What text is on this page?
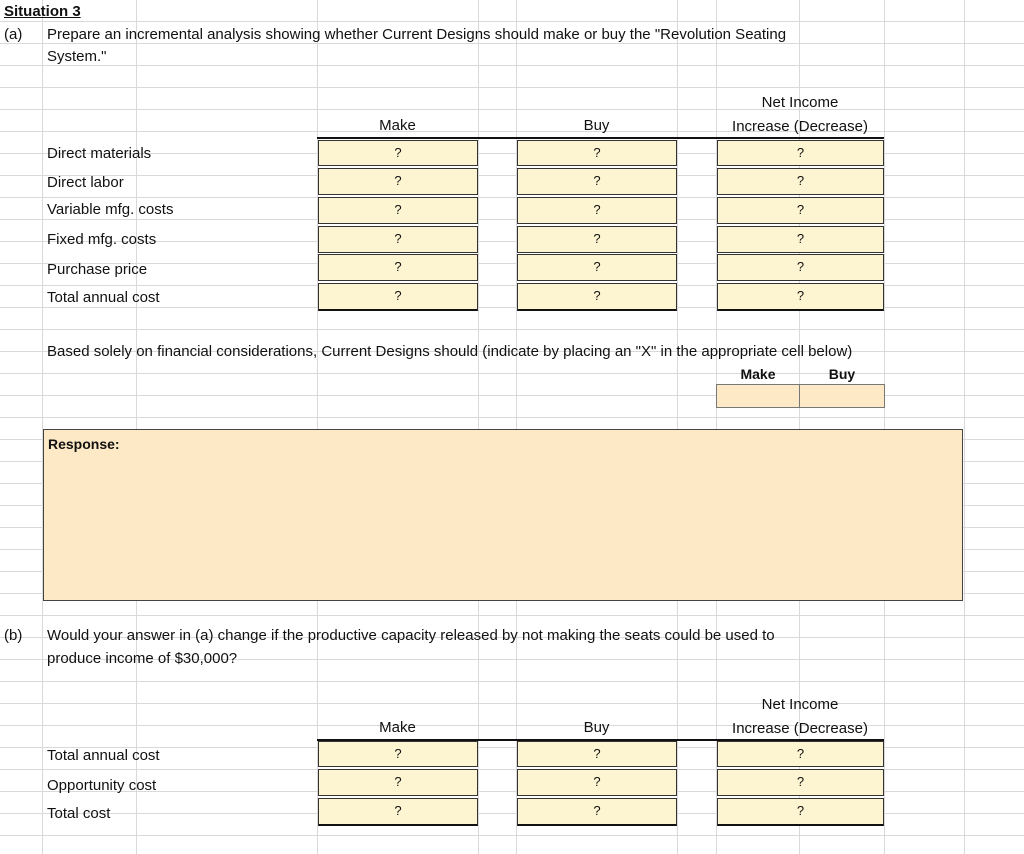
Situation 3
(a) Prepare an incremental analysis showing whether Current Designs should make or buy the "Revolution Seating
System."
Net Income
Make	Buy	Increase (Decrease)
Direct materials	?	?	?
Direct labor	?	?	?
Variable mfg. costs	?	?	?
Fixed mfg. costs	?	?	?
Purchase price	?	?	?
Total annual cost	?	?	?
Based solely on financial considerations, Current Designs should (indicate by placing an "X" in the appropriate cell below)
Make	Buy
Response:
(b) Would your answer in (a) change if the productive capacity released by not making the seats could be used to
produce income of $30,000?
Net Income
Make	Buy	Increase (Decrease)
Total annual cost	?	?	?
Opportunity cost	?	?	?
Total cost	?	?	?
